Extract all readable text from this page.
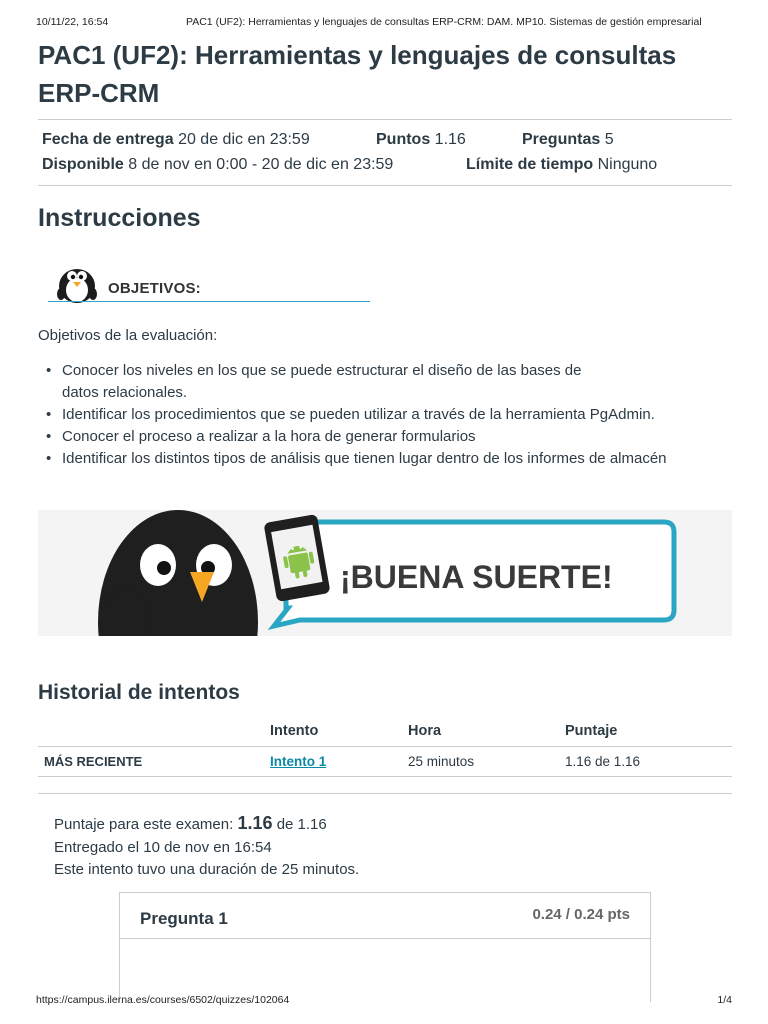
10/11/22, 16:54	PAC1 (UF2): Herramientas y lenguajes de consultas ERP-CRM: DAM. MP10. Sistemas de gestión empresarial
PAC1 (UF2): Herramientas y lenguajes de consultas ERP-CRM
Fecha de entrega 20 de dic en 23:59	Puntos 1.16	Preguntas 5
Disponible 8 de nov en 0:00 - 20 de dic en 23:59	Límite de tiempo Ninguno
Instrucciones
OBJETIVOS:

Objetivos de la evaluación:

• Conocer los niveles en los que se puede estructurar el diseño de las bases de datos relacionales.
• Identificar los procedimientos que se pueden utilizar a través de la herramienta PgAdmin.
• Conocer el proceso a realizar a la hora de generar formularios
• Identificar los distintos tipos de análisis que tienen lugar dentro de los informes de almacén
¡BUENA SUERTE!
Historial de intentos
	Intento	Hora	Puntaje
MÁS RECIENTE	Intento 1	25 minutos	1.16 de 1.16
Puntaje para este examen: 1.16 de 1.16
Entregado el 10 de nov en 16:54
Este intento tuvo una duración de 25 minutos.
Pregunta 1	0.24 / 0.24 pts
https://campus.ilerna.es/courses/6502/quizzes/102064	1/4
